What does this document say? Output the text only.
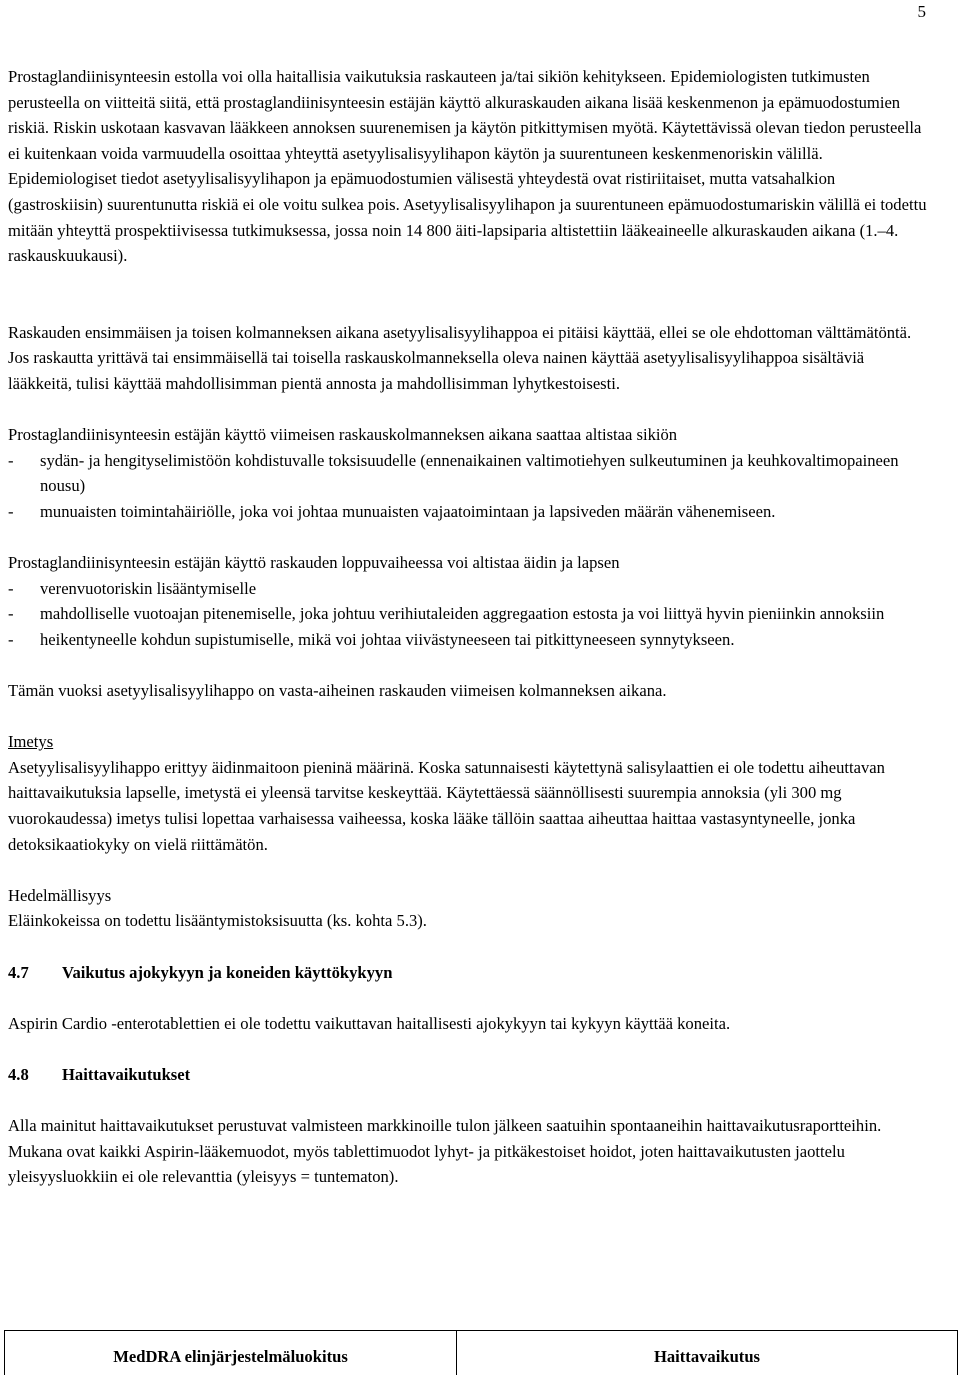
5

Prostaglandiinisynteesin estolla voi olla haitallisia vaikutuksia raskauteen ja/tai sikiön kehitykseen. Epidemiologisten tutkimusten perusteella on viitteitä siitä, että prostaglandiinisynteesin estäjän käyttö alkuraskauden aikana lisää keskenmenon ja epämuodostumien riskiä. Riskin uskotaan kasvavan lääkkeen annoksen suurenemisen ja käytön pitkittymisen myötä. Käytettävissä olevan tiedon perusteella ei kuitenkaan voida varmuudella osoittaa yhteyttä asetyylisalisyylihapon käytön ja suurentuneen keskenmenoriskin välillä. Epidemiologiset tiedot asetyylisalisyylihapon ja epämuodostumien välisestä yhteydestä ovat ristiriitaiset, mutta vatsahalkion (gastroskiisin) suurentunutta riskiä ei ole voitu sulkea pois. Asetyylisalisyylihapon ja suurentuneen epämuodostumariskin välillä ei todettu mitään yhteyttä prospektiivisessa tutkimuksessa, jossa noin 14 800 äiti-lapsiparia altistettiin lääkeaineelle alkuraskauden aikana (1.–4. raskauskuukausi).

Raskauden ensimmäisen ja toisen kolmanneksen aikana asetyylisalisyylihappoa ei pitäisi käyttää, ellei se ole ehdottoman välttämätöntä. Jos raskautta yrittävä tai ensimmäisellä tai toisella raskauskolmanneksella oleva nainen käyttää asetyylisalisyylihappoa sisältäviä lääkkeitä, tulisi käyttää mahdollisimman pientä annosta ja mahdollisimman lyhytkestoisesti.

Prostaglandiinisynteesin estäjän käyttö viimeisen raskauskolmanneksen aikana saattaa altistaa sikiön

- sydän- ja hengityselimistöön kohdistuvalle toksisuudelle (ennenaikainen valtimotiehyen sulkeutuminen ja keuhkovaltimopaineen nousu)
- munuaisten toimintahäiriölle, joka voi johtaa munuaisten vajaatoimintaan ja lapsiveden määrän vähenemiseen.

Prostaglandiinisynteesin estäjän käyttö raskauden loppuvaiheessa voi altistaa äidin ja lapsen

- verenvuotoriskin lisääntymiselle
- mahdolliselle vuotoajan pitenemiselle, joka johtuu verihiutaleiden aggregaation estosta ja voi liittyä hyvin pieniinkin annoksiin
- heikentyneelle kohdun supistumiselle, mikä voi johtaa viivästyneeseen tai pitkittyneeseen synnytykseen.

Tämän vuoksi asetyylisalisyylihappo on vasta-aiheinen raskauden viimeisen kolmanneksen aikana.

Imetys

Asetyylisalisyylihappo erittyy äidinmaitoon pieninä määrinä. Koska satunnaisesti käytettynä salisylaattien ei ole todettu aiheuttavan haittavaikutuksia lapselle, imetystä ei yleensä tarvitse keskeyttää. Käytettäessä säännöllisesti suurempia annoksia (yli 300 mg vuorokaudessa) imetys tulisi lopettaa varhaisessa vaiheessa, koska lääke tällöin saattaa aiheuttaa haittaa vastasyntyneelle, jonka detoksikaatiokyky on vielä riittämätön.

Hedelmällisyys

Eläinkokeissa on todettu lisääntymistoksisuutta (ks. kohta 5.3).

4.7 Vaikutus ajokykyyn ja koneiden käyttökykyyn

Aspirin Cardio -enterotablettien ei ole todettu vaikuttavan haitallisesti ajokykyyn tai kykyyn käyttää koneita.

4.8 Haittavaikutukset

Alla mainitut haittavaikutukset perustuvat valmisteen markkinoille tulon jälkeen saatuihin spontaaneihin haittavaikutusraportteihin. Mukana ovat kaikki Aspirin-lääkemuodot, myös tablettimuodot lyhyt- ja pitkäkestoiset hoidot, joten haittavaikutusten jaottelu yleisyysluokkiin ei ole relevanttia (yleisyys = tuntematon).

MedDRA elinjärjestelmäluokitus	Haittavaikutus
